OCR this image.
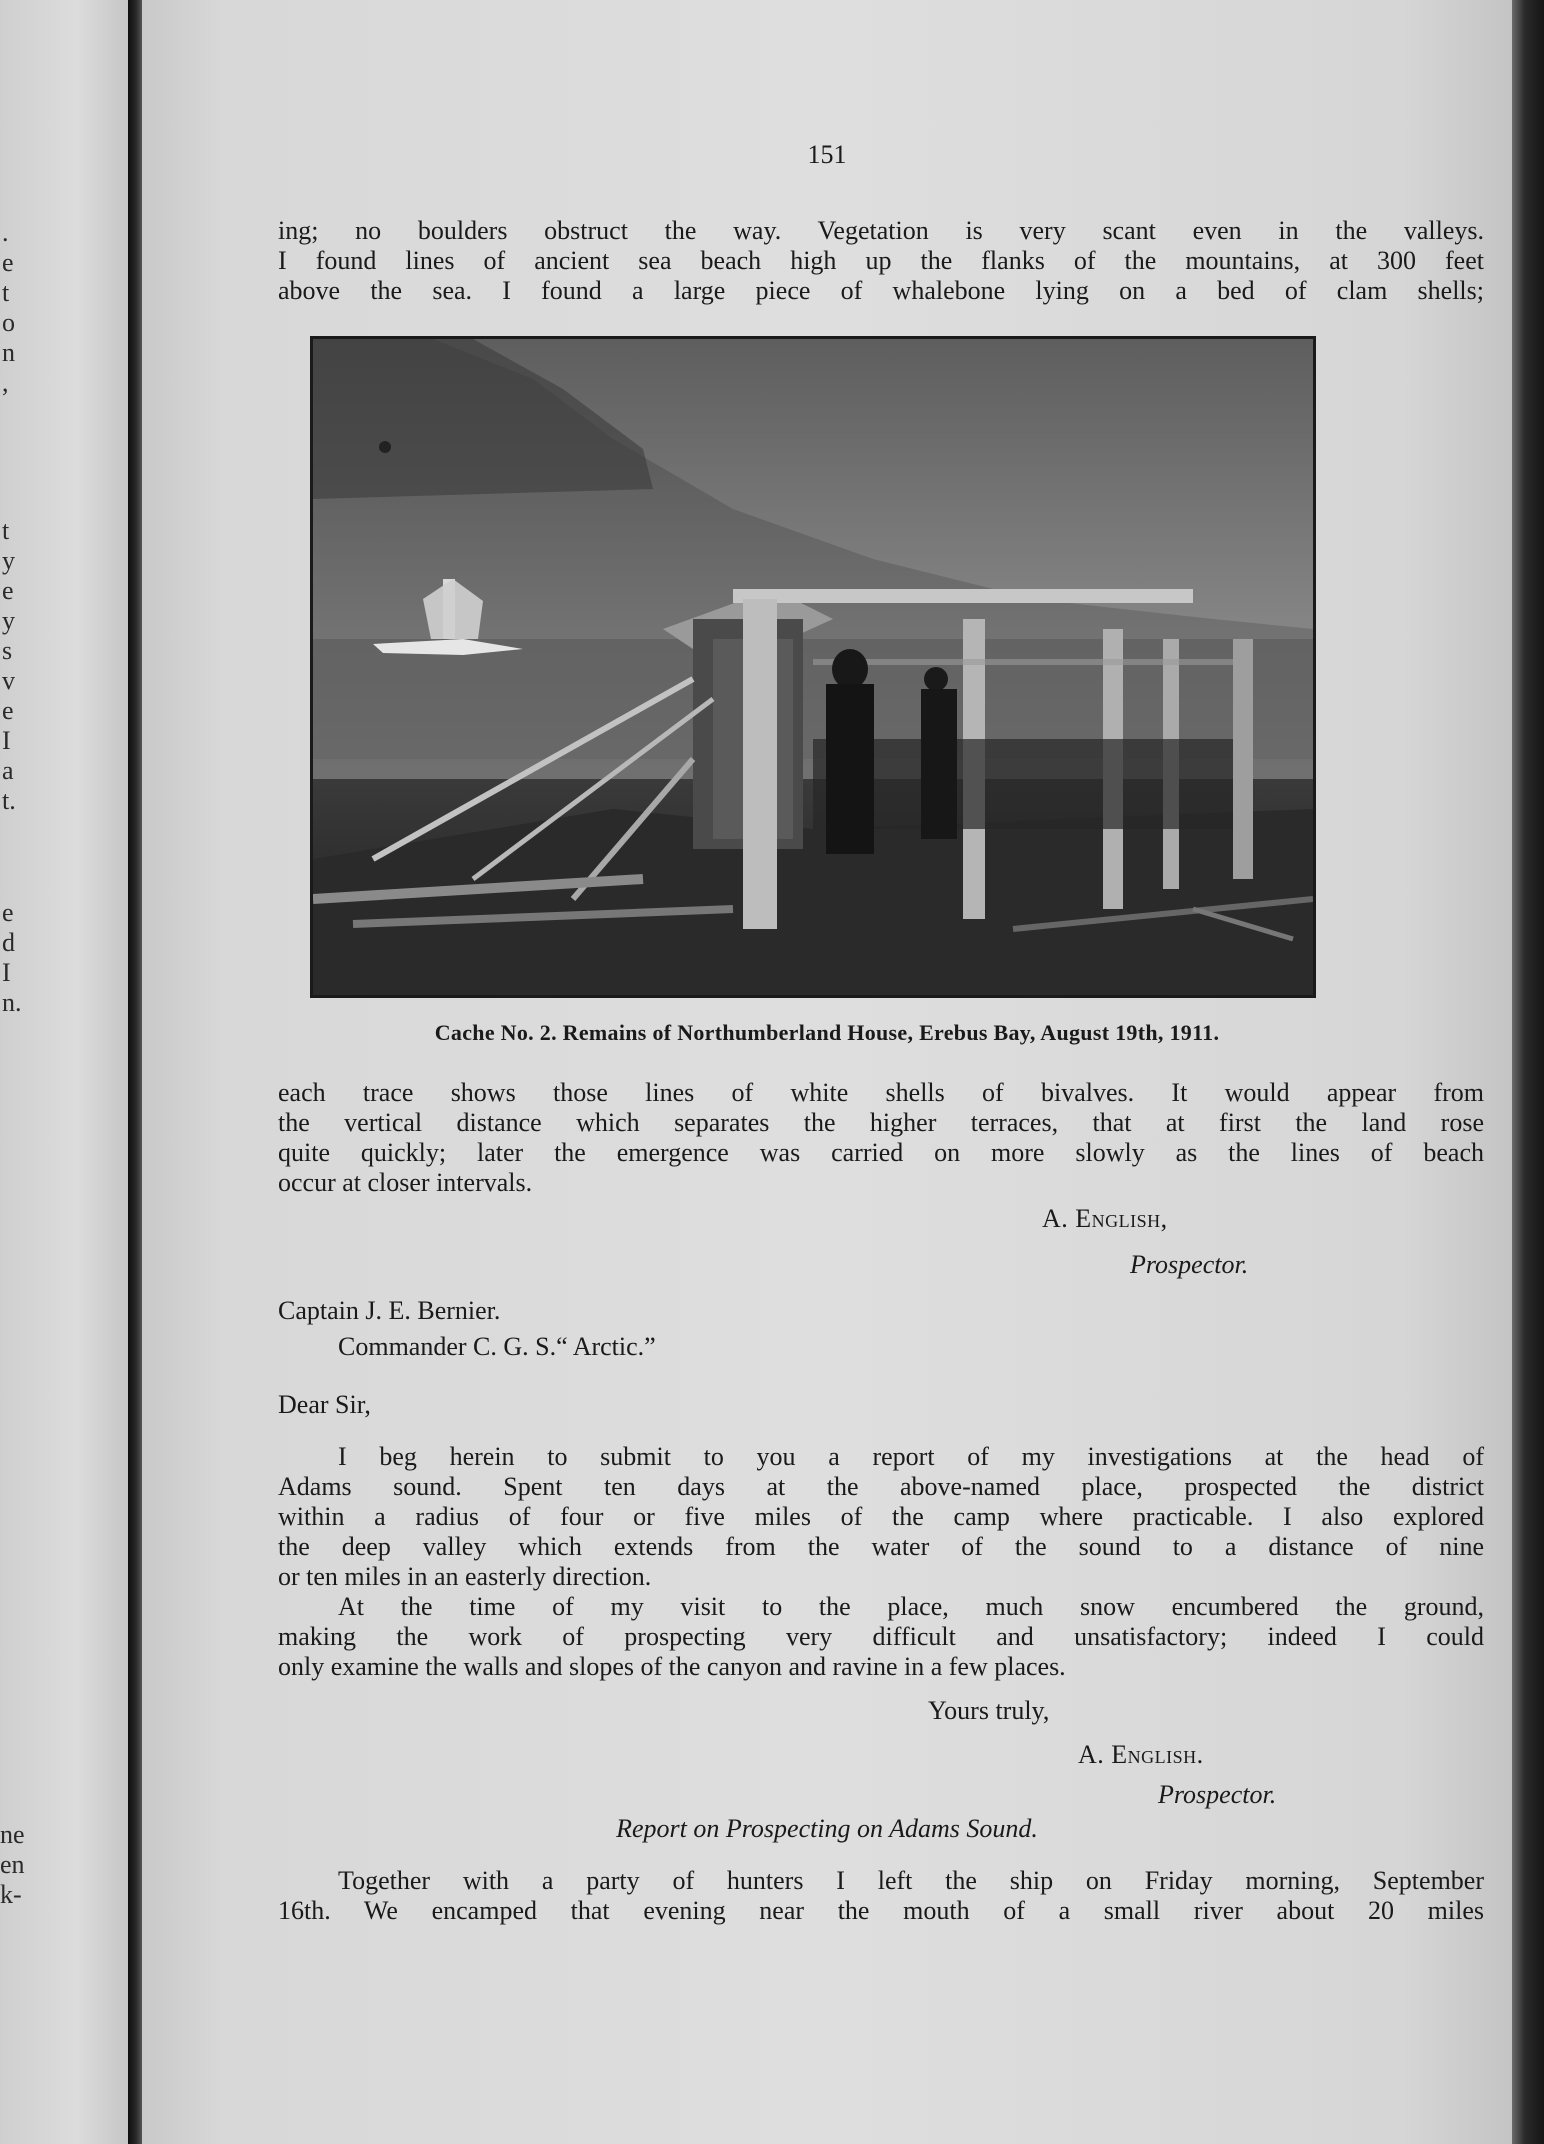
.
e
t
o
n
,
t
y
e
y
s
v
e
I
a
t.
e
d
I
n.
ne
en
k-
151
ing; no boulders obstruct the way. Vegetation is very scant even in the valleys.
I found lines of ancient sea beach high up the flanks of the mountains, at 300 feet
above the sea. I found a large piece of whalebone lying on a bed of clam shells;
Cache No. 2. Remains of Northumberland House, Erebus Bay, August 19th, 1911.
each trace shows those lines of white shells of bivalves. It would appear from
the vertical distance which separates the higher terraces, that at first the land rose
quite quickly; later the emergence was carried on more slowly as the lines of beach
occur at closer intervals.
A. English,
Prospector.
Captain J. E. Bernier.
Commander C. G. S.“ Arctic.”
Dear Sir,
I beg herein to submit to you a report of my investigations at the head of
Adams sound. Spent ten days at the above-named place, prospected the district
within a radius of four or five miles of the camp where practicable. I also explored
the deep valley which extends from the water of the sound to a distance of nine
or ten miles in an easterly direction.
At the time of my visit to the place, much snow encumbered the ground,
making the work of prospecting very difficult and unsatisfactory; indeed I could
only examine the walls and slopes of the canyon and ravine in a few places.
Yours truly,
A. English.
Prospector.
Report on Prospecting on Adams Sound.
Together with a party of hunters I left the ship on Friday morning, September
16th. We encamped that evening near the mouth of a small river about 20 miles
